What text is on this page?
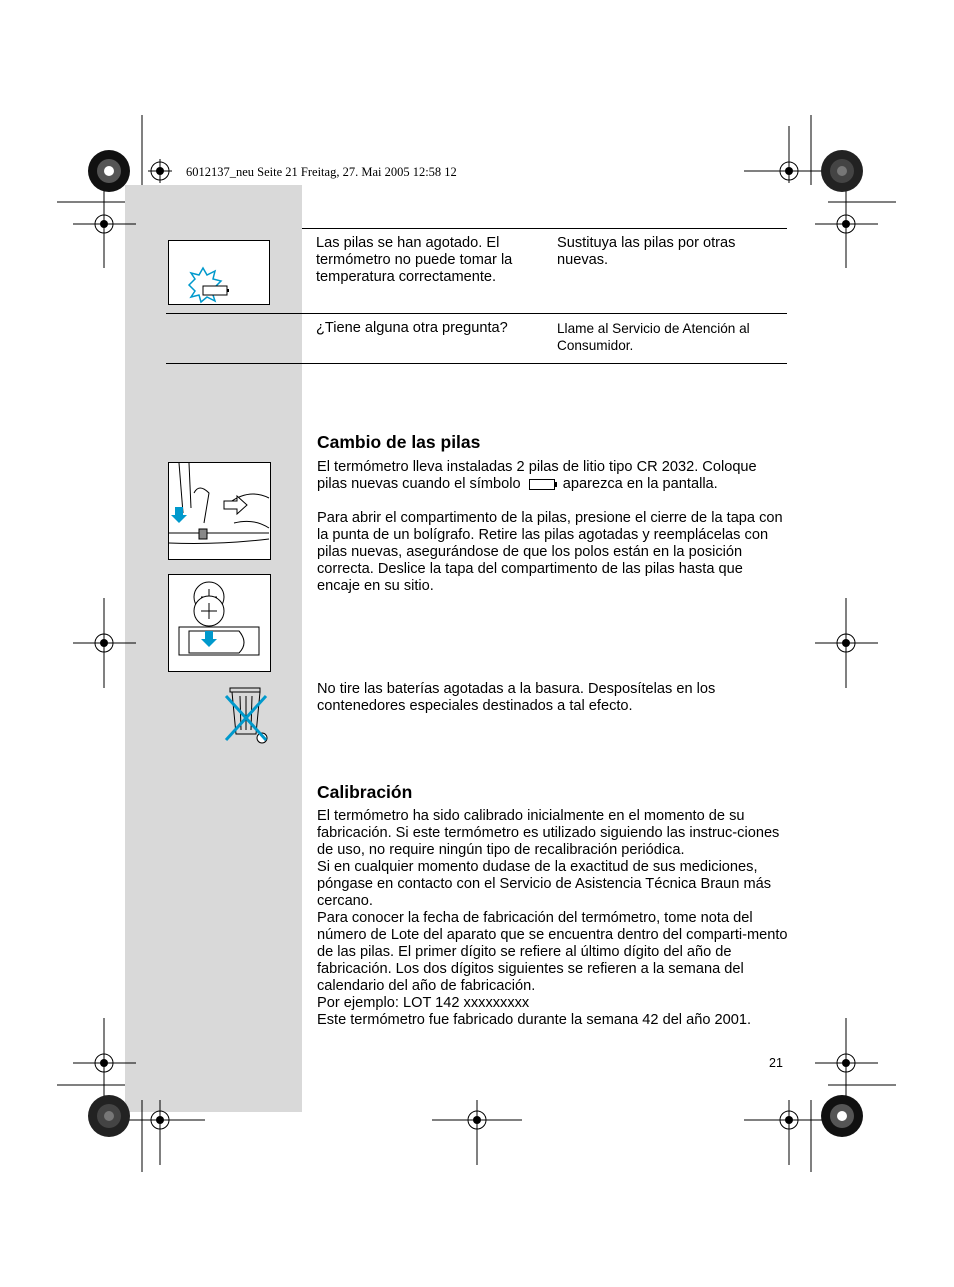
6012137_neu Seite 21 Freitag, 27. Mai 2005 12:58 12
Las pilas se han agotado. El termómetro no puede tomar la temperatura correctamente.
Sustituya las pilas por otras nuevas.
¿Tiene alguna otra pregunta?	Llame al Servicio de Atención al Consumidor.
Cambio de las pilas
El termómetro lleva instaladas 2 pilas de litio tipo CR 2032. Coloque pilas nuevas cuando el símbolo	aparezca en la pantalla.
Para abrir el compartimento de la pilas, presione el cierre de la tapa con la punta de un bolígrafo. Retire las pilas agotadas y reemplácelas con pilas nuevas, asegurándose de que los polos están en la posición correcta. Deslice la tapa del compartimento de las pilas hasta que encaje en su sitio.
No tire las baterías agotadas a la basura. Desposítelas en los contenedores especiales destinados a tal efecto.
Calibración
El termómetro ha sido calibrado inicialmente en el momento de su fabricación. Si este termómetro es utilizado siguiendo las instruc-ciones de uso, no require ningún tipo de recalibración periódica.
Si en cualquier momento dudase de la exactitud de sus mediciones, póngase en contacto con el Servicio de Asistencia Técnica Braun más cercano.
Para conocer la fecha de fabricación del termómetro, tome nota del número de Lote del aparato que se encuentra dentro del comparti-mento de las pilas. El primer dígito se refiere al último dígito del año de fabricación. Los dos dígitos siguientes se refieren a la semana del calendario del año de fabricación.
Por ejemplo: LOT 142 xxxxxxxxx
Este termómetro fue fabricado durante la semana 42 del año 2001.
21
